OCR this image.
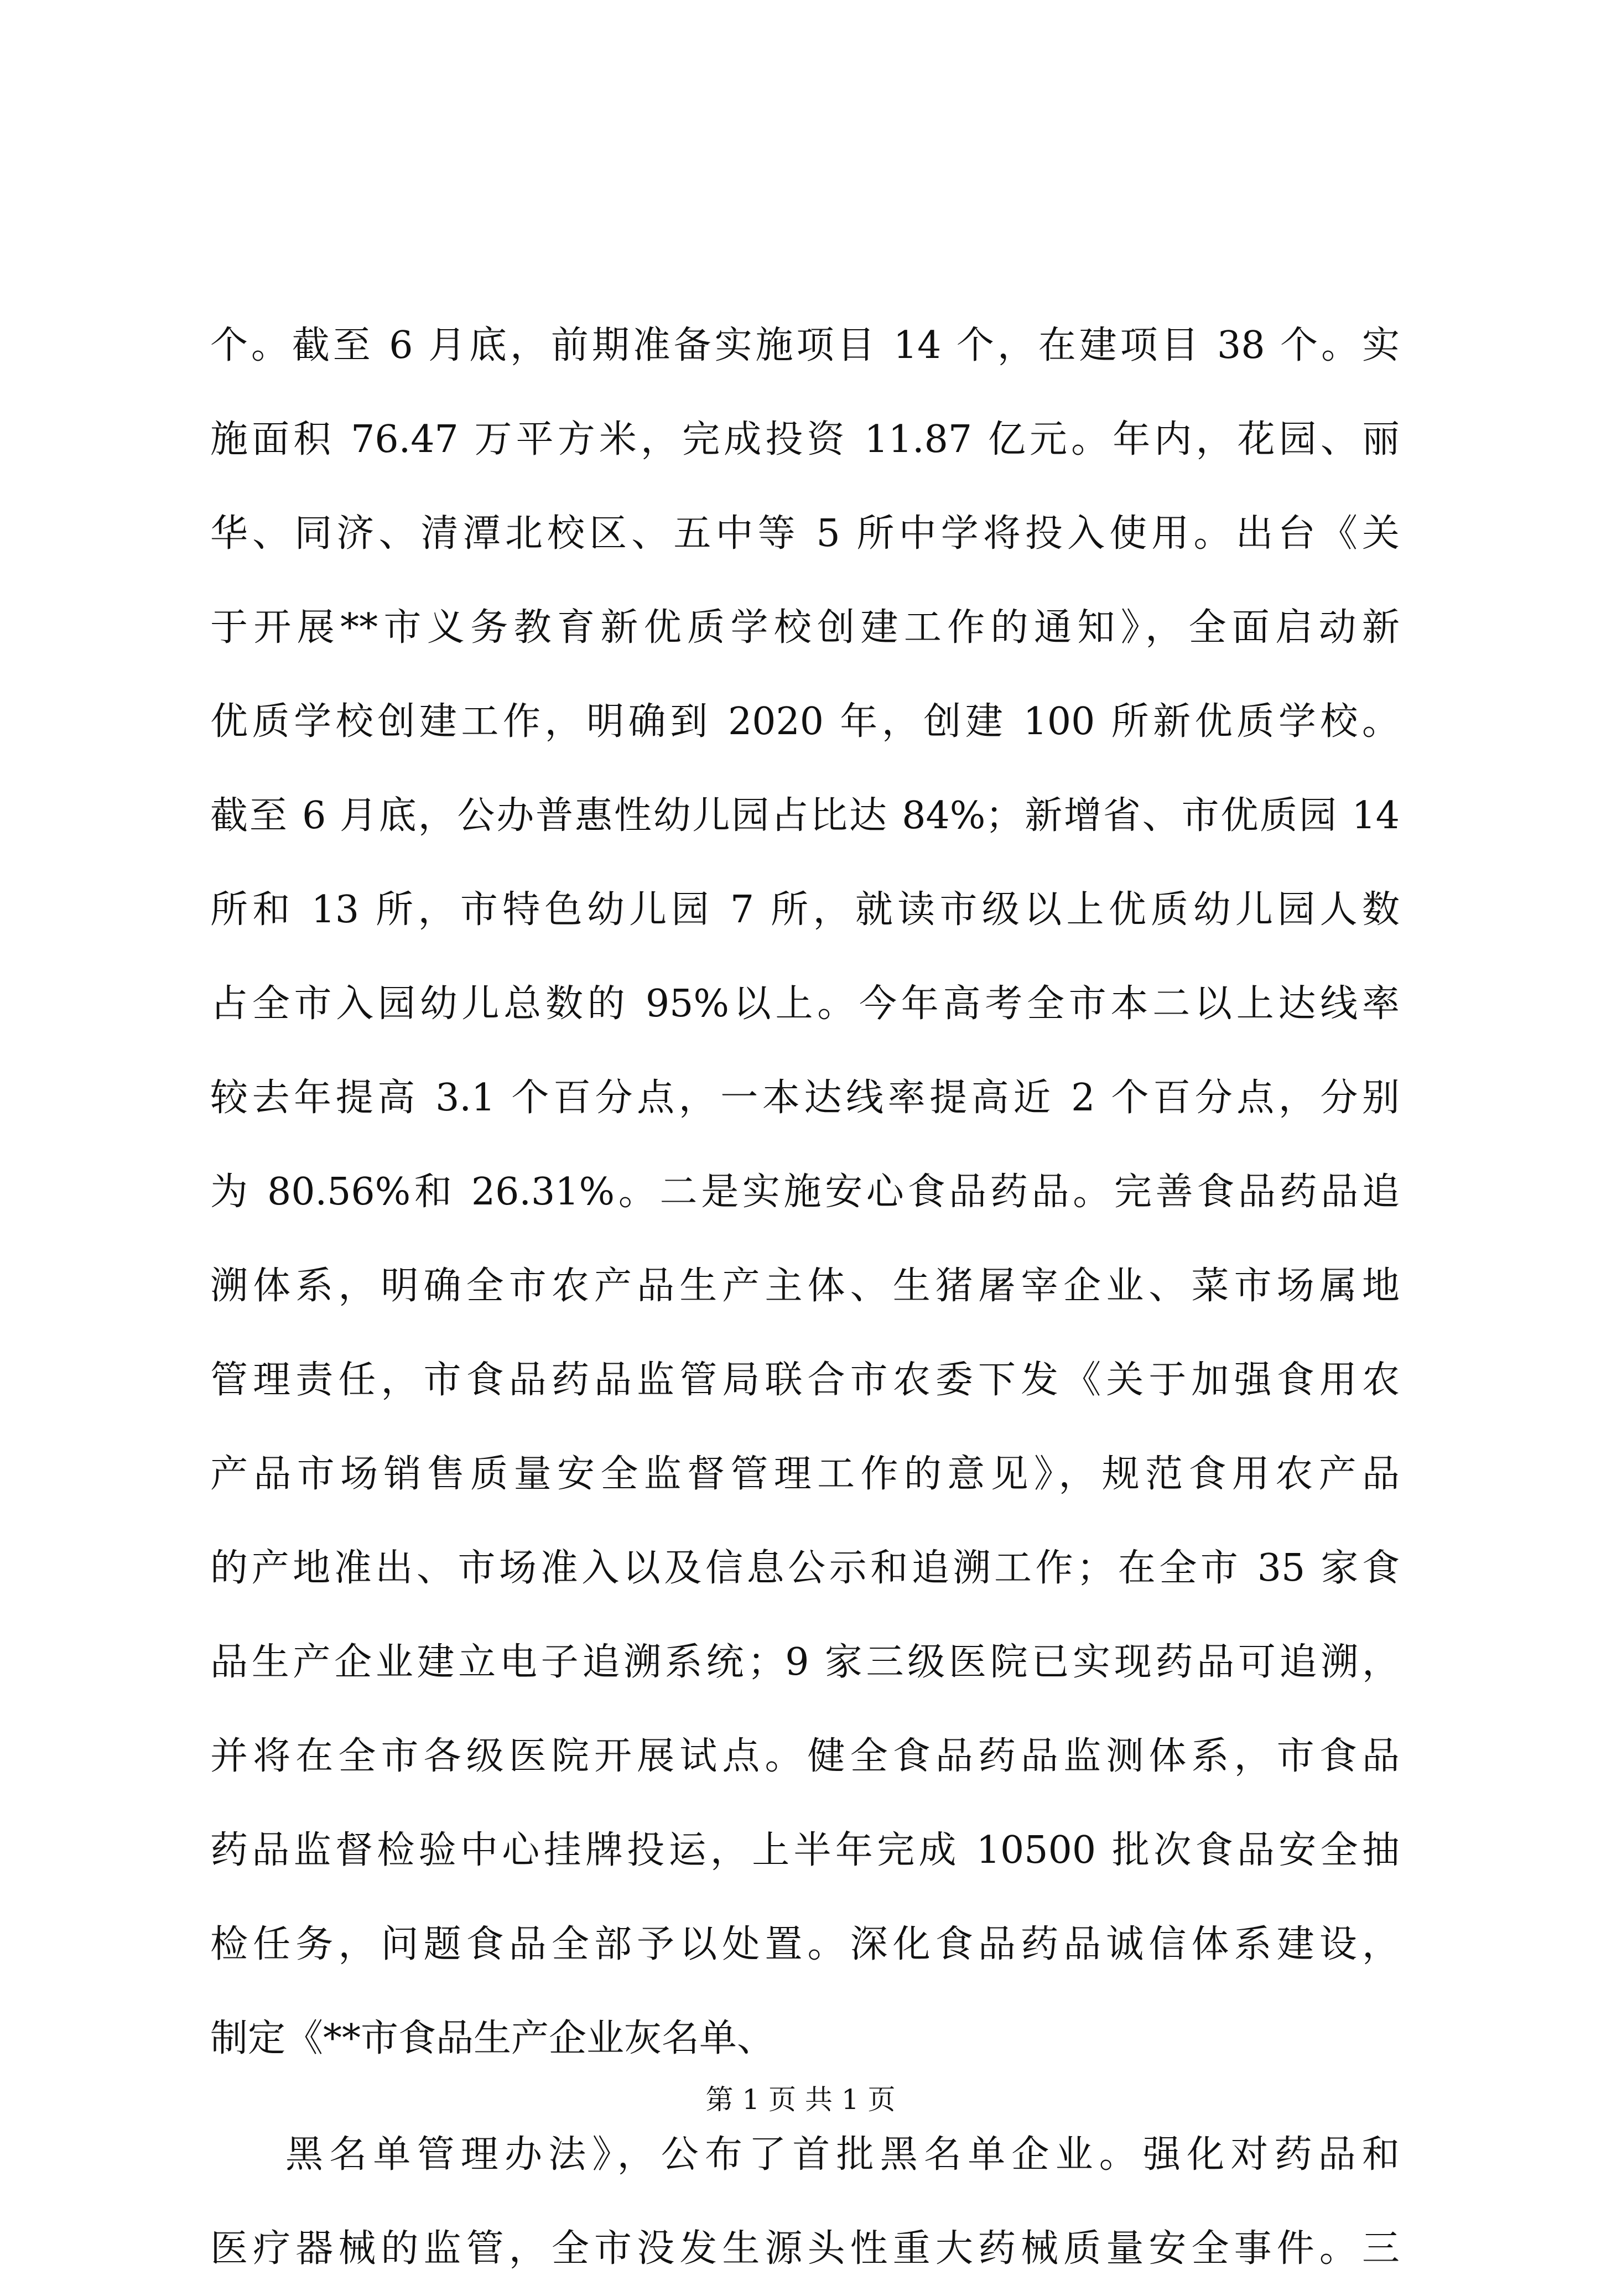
个。截至 6 月底，前期准备实施项目 14 个，在建项目 38 个。实
施面积 76.47 万平方米，完成投资 11.87 亿元。年内，花园、丽
华、同济、清潭北校区、五中等 5 所中学将投入使用。出台《关
于开展**市义务教育新优质学校创建工作的通知》，全面启动新
优质学校创建工作，明确到 2020 年，创建 100 所新优质学校。
截至 6 月底，公办普惠性幼儿园占比达 84%；新增省、市优质园 14
所和 13 所，市特色幼儿园 7 所，就读市级以上优质幼儿园人数
占全市入园幼儿总数的 95%以上。今年高考全市本二以上达线率
较去年提高 3.1 个百分点，一本达线率提高近 2 个百分点，分别
为 80.56%和 26.31%。二是实施安心食品药品。完善食品药品追
溯体系，明确全市农产品生产主体、生猪屠宰企业、菜市场属地
管理责任，市食品药品监管局联合市农委下发《关于加强食用农
产品市场销售质量安全监督管理工作的意见》，规范食用农产品
的产地准出、市场准入以及信息公示和追溯工作；在全市 35 家食
品生产企业建立电子追溯系统；9 家三级医院已实现药品可追溯，
并将在全市各级医院开展试点。健全食品药品监测体系，市食品
药品监督检验中心挂牌投运，上半年完成 10500 批次食品安全抽
检任务，问题食品全部予以处置。深化食品药品诚信体系建设，
制定《**市食品生产企业灰名单、
黑名单管理办法》，公布了首批黑名单企业。强化对药品和
医疗器械的监管，全市没发生源头性重大药械质量安全事件。三
第 1 页 共 1 页
